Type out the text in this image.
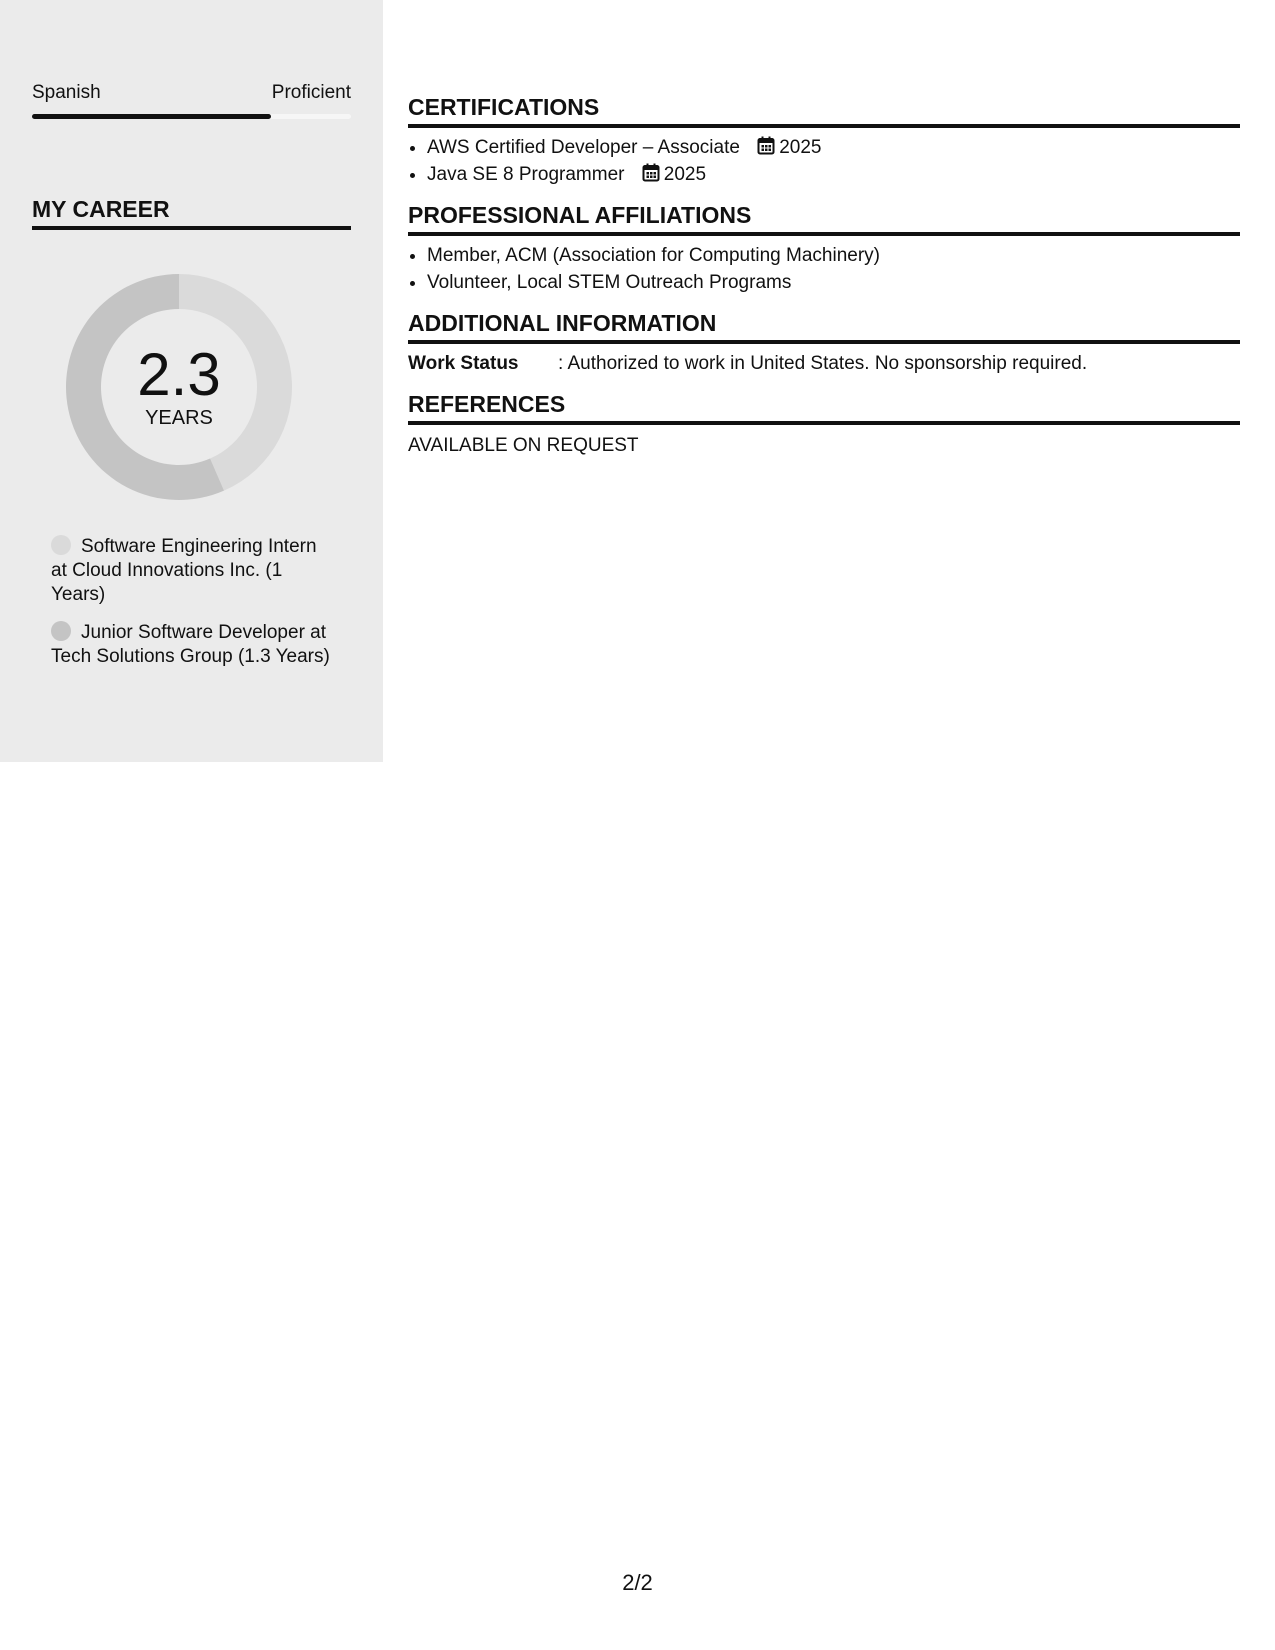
Spanish	Proficient
MY CAREER
2.3
YEARS
Software Engineering Intern at Cloud Innovations Inc. (1 Years)
Junior Software Developer at Tech Solutions Group (1.3 Years)
CERTIFICATIONS
• AWS Certified Developer – Associate 2025
• Java SE 8 Programmer 2025
PROFESSIONAL AFFILIATIONS
• Member, ACM (Association for Computing Machinery)
• Volunteer, Local STEM Outreach Programs
ADDITIONAL INFORMATION
Work Status	: Authorized to work in United States. No sponsorship required.
REFERENCES
AVAILABLE ON REQUEST
2/2
